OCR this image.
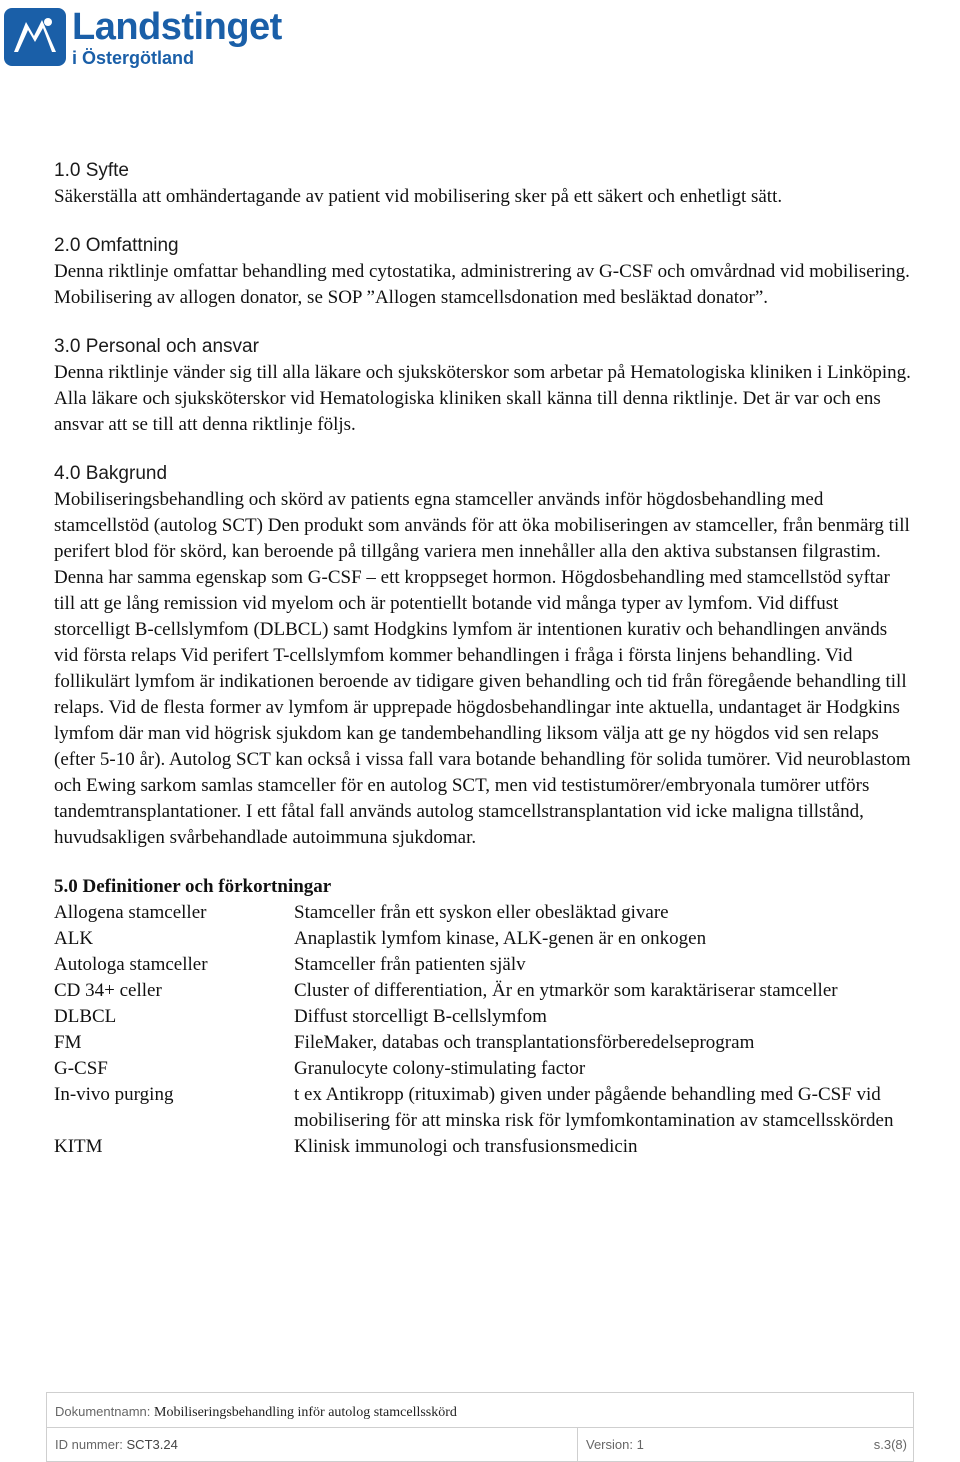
Landstinget
i Östergötland
1.0 Syfte
Säkerställa att omhändertagande av patient vid mobilisering sker på ett säkert och enhetligt sätt.
2.0 Omfattning
Denna riktlinje omfattar behandling med cytostatika, administrering av G-CSF och omvårdnad vid mobilisering. Mobilisering av allogen donator, se SOP ”Allogen stamcellsdonation med besläktad donator”.
3.0 Personal och ansvar
Denna riktlinje vänder sig till alla läkare och sjuksköterskor som arbetar på Hematologiska kliniken i Linköping. Alla läkare och sjuksköterskor vid Hematologiska kliniken skall känna till denna riktlinje. Det är var och ens ansvar att se till att denna riktlinje följs.
4.0 Bakgrund
Mobiliseringsbehandling och skörd av patients egna stamceller används inför högdosbehandling med stamcellstöd (autolog SCT) Den produkt som används för att öka mobiliseringen av stamceller, från benmärg till perifert blod för skörd, kan beroende på tillgång variera men innehåller alla den aktiva substansen filgrastim. Denna har samma egenskap som G-CSF – ett kroppseget hormon. Högdosbehandling med stamcellstöd syftar till att ge lång remission vid myelom och är potentiellt botande vid många typer av lymfom. Vid diffust storcelligt B-cellslymfom (DLBCL) samt Hodgkins lymfom är intentionen kurativ och behandlingen används vid första relaps Vid perifert T-cellslymfom kommer behandlingen i fråga i första linjens behandling. Vid follikulärt lymfom är indikationen beroende av tidigare given behandling och tid från föregående behandling till relaps. Vid de flesta former av lymfom är upprepade högdosbehandlingar inte aktuella, undantaget är Hodgkins lymfom där man vid högrisk sjukdom kan ge tandembehandling liksom välja att ge ny högdos vid sen relaps (efter 5-10 år). Autolog SCT kan också i vissa fall vara botande behandling för solida tumörer. Vid neuroblastom och Ewing sarkom samlas stamceller för en autolog SCT, men vid testistumörer/embryonala tumörer utförs tandemtransplantationer. I ett fåtal fall används autolog stamcellstransplantation vid icke maligna tillstånd, huvudsakligen svårbehandlade autoimmuna sjukdomar.
5.0 Definitioner och förkortningar
Allogena stamceller	Stamceller från ett syskon eller obesläktad givare
ALK	Anaplastik lymfom kinase, ALK-genen är en onkogen
Autologa stamceller	Stamceller från patienten själv
CD 34+ celler	Cluster of differentiation, Är en ytmarkör som karaktäriserar stamceller
DLBCL	Diffust storcelligt B-cellslymfom
FM	FileMaker, databas och transplantationsförberedelseprogram
G-CSF	Granulocyte colony-stimulating factor
In-vivo purging	t ex Antikropp (rituximab) given under pågående behandling med G-CSF vid mobilisering för att minska risk för lymfomkontamination av stamcellsskörden
KITM	Klinisk immunologi och transfusionsmedicin
Dokumentnamn: Mobiliseringsbehandling inför autolog stamcellsskörd
ID nummer: SCT3.24	Version: 1	s.3(8)
